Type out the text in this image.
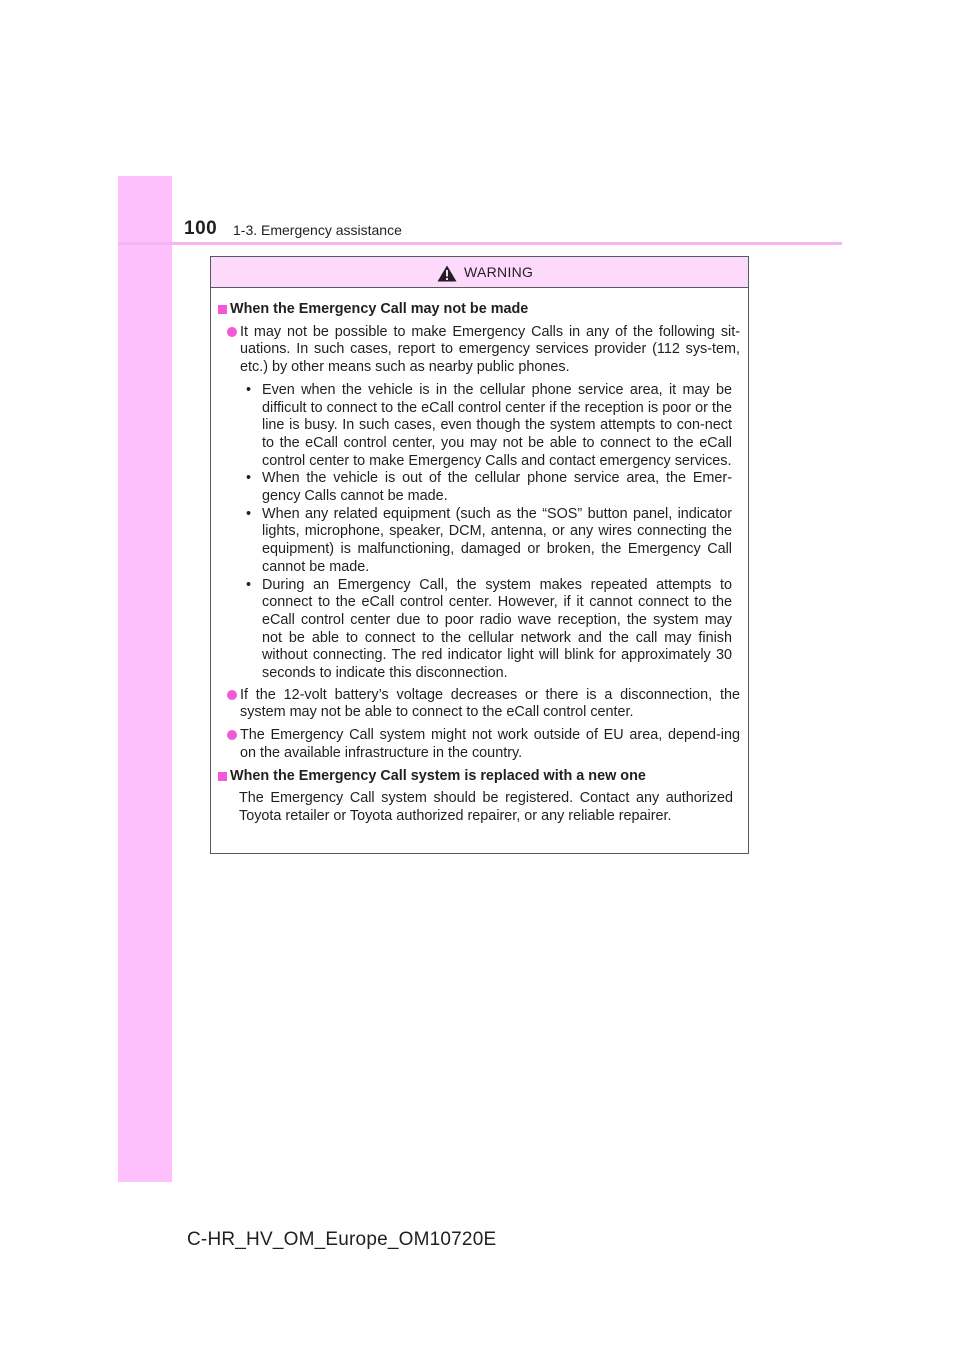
100 1-3. Emergency assistance
WARNING
When the Emergency Call may not be made
It may not be possible to make Emergency Calls in any of the following sit-uations. In such cases, report to emergency services provider (112 sys-tem, etc.) by other means such as nearby public phones.
• Even when the vehicle is in the cellular phone service area, it may be difficult to connect to the eCall control center if the reception is poor or the line is busy. In such cases, even though the system attempts to con-nect to the eCall control center, you may not be able to connect to the eCall control center to make Emergency Calls and contact emergency services.
• When the vehicle is out of the cellular phone service area, the Emer-gency Calls cannot be made.
• When any related equipment (such as the “SOS” button panel, indicator lights, microphone, speaker, DCM, antenna, or any wires connecting the equipment) is malfunctioning, damaged or broken, the Emergency Call cannot be made.
• During an Emergency Call, the system makes repeated attempts to connect to the eCall control center. However, if it cannot connect to the eCall control center due to poor radio wave reception, the system may not be able to connect to the cellular network and the call may finish without connecting. The red indicator light will blink for approximately 30 seconds to indicate this disconnection.
If the 12-volt battery’s voltage decreases or there is a disconnection, the system may not be able to connect to the eCall control center.
The Emergency Call system might not work outside of EU area, depend-ing on the available infrastructure in the country.
When the Emergency Call system is replaced with a new one
The Emergency Call system should be registered. Contact any authorized Toyota retailer or Toyota authorized repairer, or any reliable repairer.
C-HR_HV_OM_Europe_OM10720E
